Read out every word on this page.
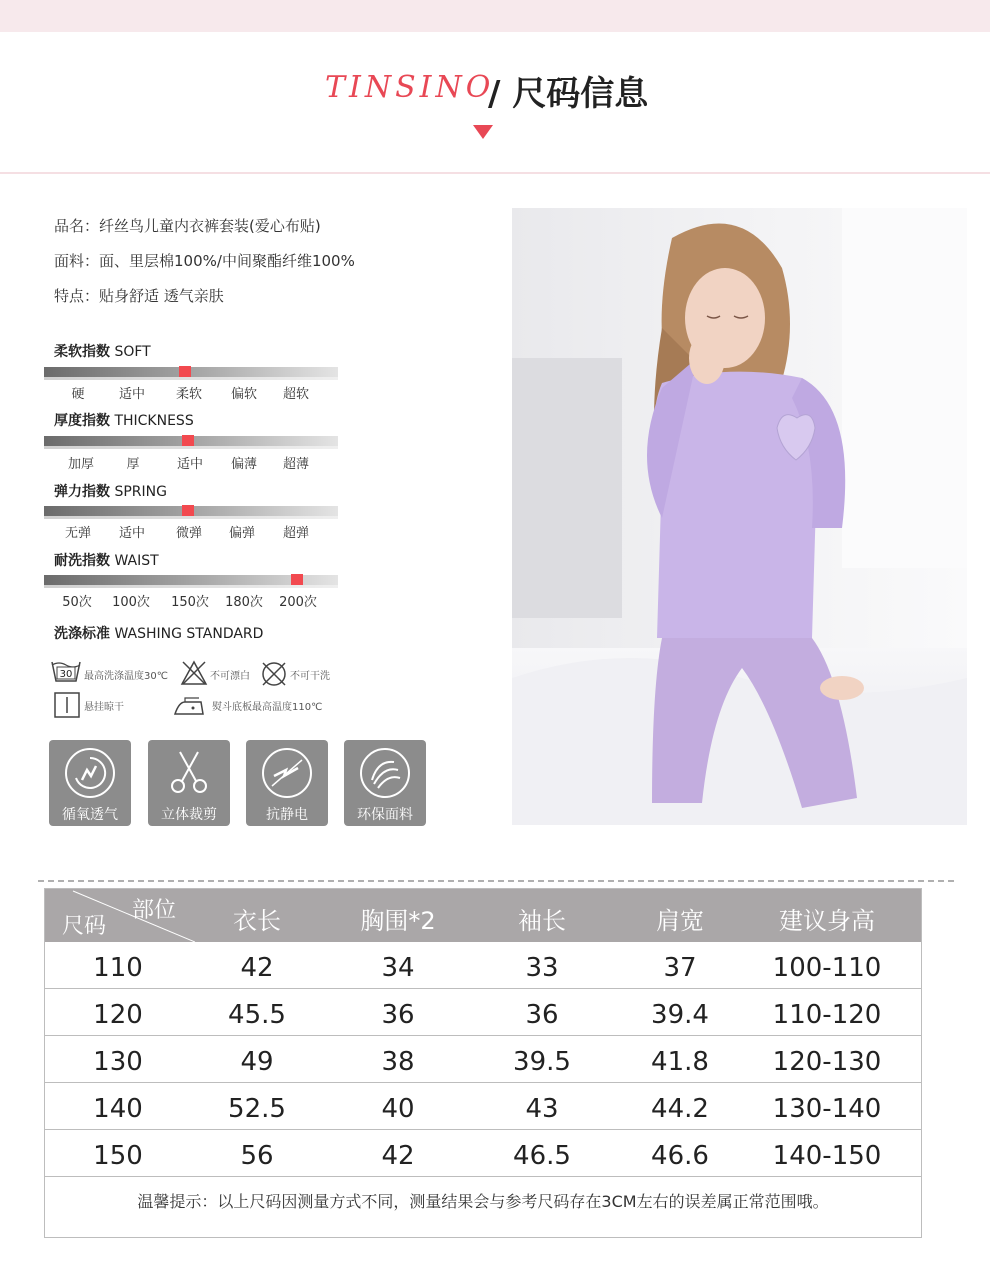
TINSINO
/ 尺码信息
品名：纤丝鸟儿童内衣裤套装(爱心布贴)
面料：面、里层棉100%/中间聚酯纤维100%
特点：贴身舒适 透气亲肤
柔软指数 SOFT
硬	适中 柔软 偏软 超软
厚度指数 THICKNESS
加厚 厚	适中 偏薄 超薄
弹力指数 SPRING
无弹 适中 微弹 偏弹 超弹
耐洗指数 WAIST
50次 100次 150次 180次 200次
洗涤标准 WASHING STANDARD
30 最高洗涤温度30℃	不可漂白	不可干洗
悬挂晾干	熨斗底板最高温度110℃
循氧透气	立体裁剪	抗静电	环保面料
部位
尺码	衣长	胸围*2	袖长	肩宽	建议身高
110	42	34	33	37	100-110
120	45.5	36	36	39.4 110-120
130	49	38	39.5	41.8 120-130
140	52.5	40	43	44.2 130-140
150	56	42	46.5	46.6 140-150
温馨提示：以上尺码因测量方式不同，测量结果会与参考尺码存在3CM左右的误差属正常范围哦。
